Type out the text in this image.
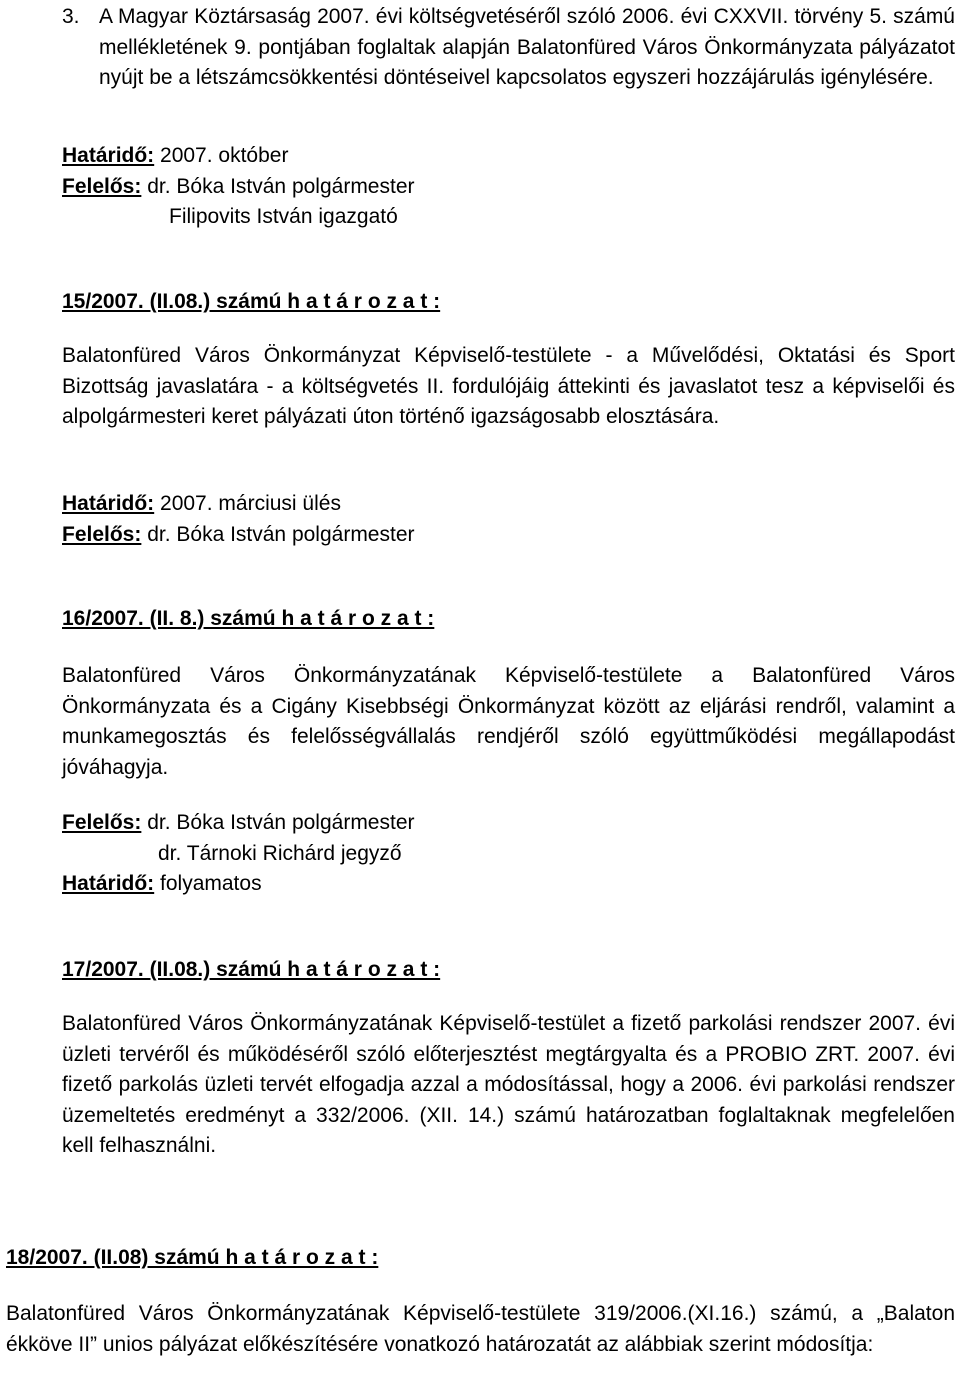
3. A Magyar Köztársaság 2007. évi költségvetéséről szóló 2006. évi CXXVII. törvény 5. számú mellékletének 9. pontjában foglaltak alapján Balatonfüred Város Önkormányzata pályázatot nyújt be a létszámcsökkentési döntéseivel kapcsolatos egyszeri hozzájárulás igénylésére.
Határidő: 2007. október
Felelős: dr. Bóka István polgármester
Filipovits István igazgató
15/2007. (II.08.) számú h a t á r o z a t :
Balatonfüred Város Önkormányzat Képviselő-testülete - a Művelődési, Oktatási és Sport Bizottság javaslatára - a költségvetés II. fordulójáig áttekinti és javaslatot tesz a képviselői és alpolgármesteri keret pályázati úton történő igazságosabb elosztására.
Határidő: 2007. márciusi ülés
Felelős: dr. Bóka István polgármester
16/2007. (II. 8.) számú h a t á r o z a t :
Balatonfüred Város Önkormányzatának Képviselő-testülete a Balatonfüred Város Önkormányzata és a Cigány Kisebbségi Önkormányzat között az eljárási rendről, valamint a munkamegosztás és felelősségvállalás rendjéről szóló együttműködési megállapodást jóváhagyja.
Felelős: dr. Bóka István polgármester
dr. Tárnoki Richárd jegyző
Határidő: folyamatos
17/2007. (II.08.) számú h a t á r o z a t :
Balatonfüred Város Önkormányzatának Képviselő-testület a fizető parkolási rendszer 2007. évi üzleti tervéről és működéséről szóló előterjesztést megtárgyalta és a PROBIO ZRT. 2007. évi fizető parkolás üzleti tervét elfogadja azzal a módosítással, hogy a 2006. évi parkolási rendszer üzemeltetés eredményt a 332/2006. (XII. 14.) számú határozatban foglaltaknak megfelelően kell felhasználni.
18/2007. (II.08) számú h a t á r o z a t :
Balatonfüred Város Önkormányzatának Képviselő-testülete 319/2006.(XI.16.) számú, a „Balaton ékköve II” unios pályázat előkészítésére vonatkozó határozatát az alábbiak szerint módosítja:
